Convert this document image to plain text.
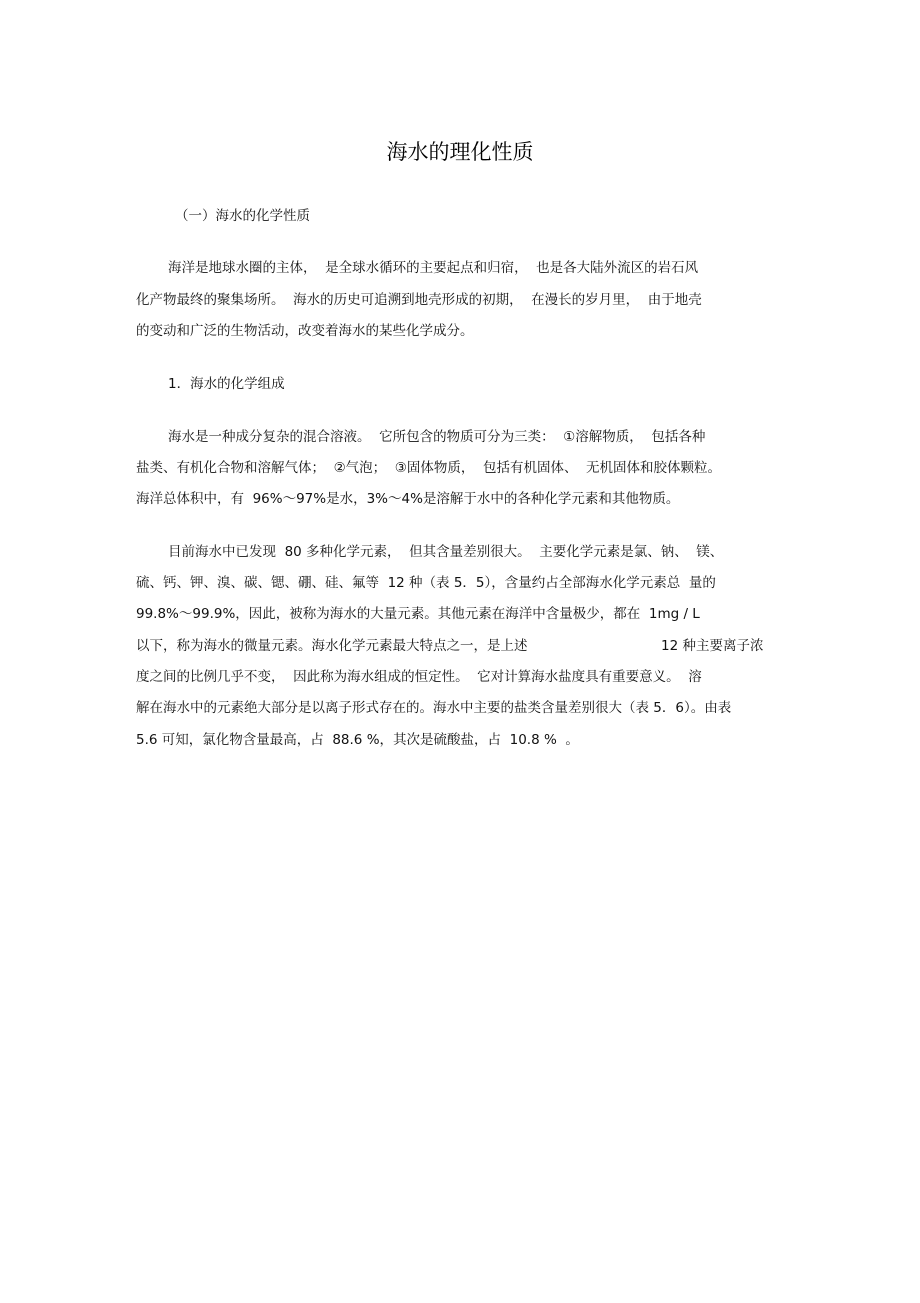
海水的理化性质
（一）海水的化学性质
海洋是地球水圈的主体，  是全球水循环的主要起点和归宿，  也是各大陆外流区的岩石风
化产物最终的聚集场所。  海水的历史可追溯到地壳形成的初期，  在漫长的岁月里，  由于地壳
的变动和广泛的生物活动，改变着海水的某些化学成分。
1．海水的化学组成
海水是一种成分复杂的混合溶液。  它所包含的物质可分为三类：  ①溶解物质，  包括各种
盐类、有机化合物和溶解气体；  ②气泡；  ③固体物质，  包括有机固体、  无机固体和胶体颗粒。
海洋总体积中，有  96%～97%是水，3%～4%是溶解于水中的各种化学元素和其他物质。
目前海水中已发现  80 多种化学元素，  但其含量差别很大。  主要化学元素是氯、钠、  镁、
硫、钙、钾、溴、碳、锶、硼、硅、氟等  12 种（表 5．5），含量约占全部海水化学元素总  量的
99.8%～99.9%，因此，被称为海水的大量元素。其他元素在海洋中含量极少，都在  1mg / L
以下，称为海水的微量元素。海水化学元素最大特点之一，是上述	12 种主要离子浓
度之间的比例几乎不变，  因此称为海水组成的恒定性。  它对计算海水盐度具有重要意义。  溶
解在海水中的元素绝大部分是以离子形式存在的。海水中主要的盐类含量差别很大（表 5．6）。由表
5.6 可知，氯化物含量最高，占  88.6 %，其次是硫酸盐，占  10.8 %  。
